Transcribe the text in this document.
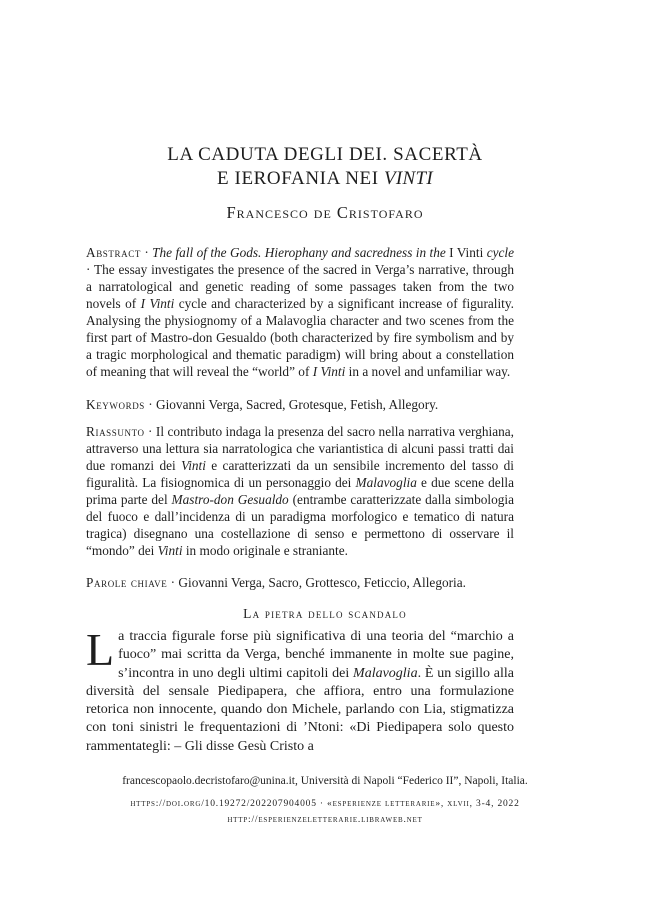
LA CADUTA DEGLI DEI. SACERTÀ
E IEROFANIA NEI VINTI
Francesco de Cristofaro
Abstract · The fall of the Gods. Hierophany and sacredness in the I Vinti cycle · The essay investigates the presence of the sacred in Verga’s narrative, through a narratological and genetic reading of some passages taken from the two novels of I Vinti cycle and characterized by a significant increase of figurality. Analysing the physiognomy of a Malavoglia character and two scenes from the first part of Mastro-don Gesualdo (both characterized by fire symbolism and by a tragic morphological and thematic paradigm) will bring about a constellation of meaning that will reveal the “world” of I Vinti in a novel and unfamiliar way.
Keywords · Giovanni Verga, Sacred, Grotesque, Fetish, Allegory.
Riassunto · Il contributo indaga la presenza del sacro nella narrativa verghiana, attraverso una lettura sia narratologica che variantistica di alcuni passi tratti dai due romanzi dei Vinti e caratterizzati da un sensibile incremento del tasso di figuralità. La fisiognomica di un personaggio dei Malavoglia e due scene della prima parte del Mastro-don Gesualdo (entrambe caratterizzate dalla simbologia del fuoco e dall’incidenza di un paradigma morfologico e tematico di natura tragica) disegnano una costellazione di senso e permettono di osservare il “mondo” dei Vinti in modo originale e straniante.
Parole chiave · Giovanni Verga, Sacro, Grottesco, Feticcio, Allegoria.
La pietra dello scandalo
La traccia figurale forse più significativa di una teoria del “marchio a fuoco” mai scritta da Verga, benché immanente in molte sue pagine, s’incontra in uno degli ultimi capitoli dei Malavoglia. È un sigillo alla diversità del sensale Piedipapera, che affiora, entro una formulazione retorica non innocente, quando don Michele, parlando con Lia, stigmatizza con toni sinistri le frequentazioni di ’Ntoni: «Di Piedipapera solo questo rammentategli: – Gli disse Gesù Cristo a
francescopaolo.decristofaro@unina.it, Università di Napoli “Federico II”, Napoli, Italia.
https://doi.org/10.19272/202207904005 · «esperienze letterarie», xlvii, 3-4, 2022
http://esperienzeletterarie.libraweb.net
